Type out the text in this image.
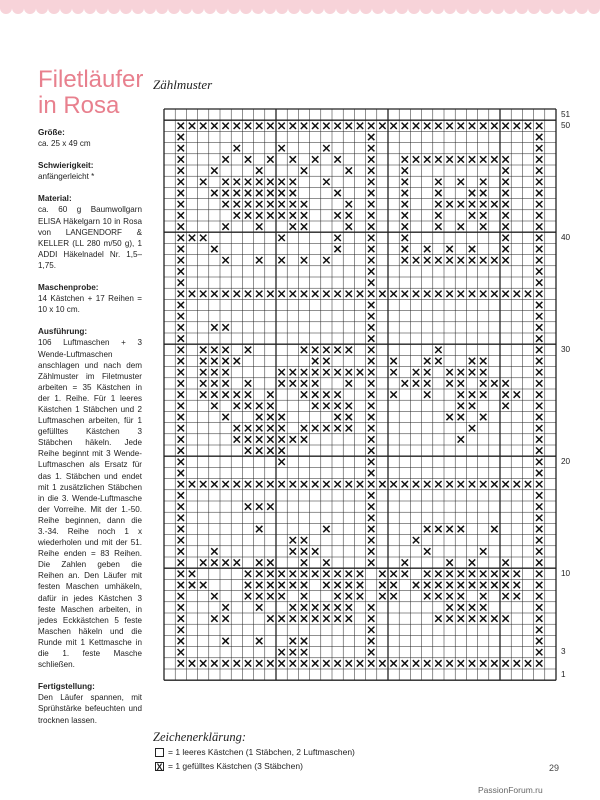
Filetläufer
in Rosa
Größe:

ca. 25 x 49 cm

Schwierigkeit:

anfängerleicht *

Material:

ca. 60 g Baumwollgarn ELISA Häkelgarn 10 in Rosa von LANGENDORF & KELLER (LL 280 m/50 g), 1 ADDI Häkelnadel Nr. 1,5–1,75.

Maschenprobe:

14 Kästchen + 17 Reihen = 10 x 10 cm.

Ausführung:

106 Luftmaschen + 3 Wende-Luftmaschen anschlagen und nach dem Zählmuster im Filetmuster arbeiten = 35 Kästchen in der 1. Reihe. Für 1 leeres Kästchen 1 Stäbchen und 2 Luftmaschen arbeiten, für 1 gefülltes Kästchen 3 Stäbchen häkeln. Jede Reihe beginnt mit 3 Wende-Luftmaschen als Ersatz für das 1. Stäbchen und endet mit 1 zusätzlichen Stäbchen in die 3. Wende-Luftmasche der Vorreihe. Mit der 1.-50. Reihe beginnen, dann die 3.-34. Reihe noch 1 x wiederholen und mit der 51. Reihe enden = 83 Reihen. Die Zahlen geben die Reihen an. Den Läufer mit festen Maschen umhäkeln, dafür in jedes Kästchen 3 feste Maschen arbeiten, in jedes Eckkästchen 5 feste Maschen häkeln und die Runde mit 1 Kettmasche in die 1. feste Masche schließen.

Fertigstellung:

Den Läufer spannen, mit Sprühstärke befeuchten und trocknen lassen.

Zählmuster
51
50
40
30
20
10
3
1
Zeichenerklärung:
= 1 leeres Kästchen (1 Stäbchen, 2 Luftmaschen)
X = 1 gefülltes Kästchen (3 Stäbchen)	29
PassionForum.ru
